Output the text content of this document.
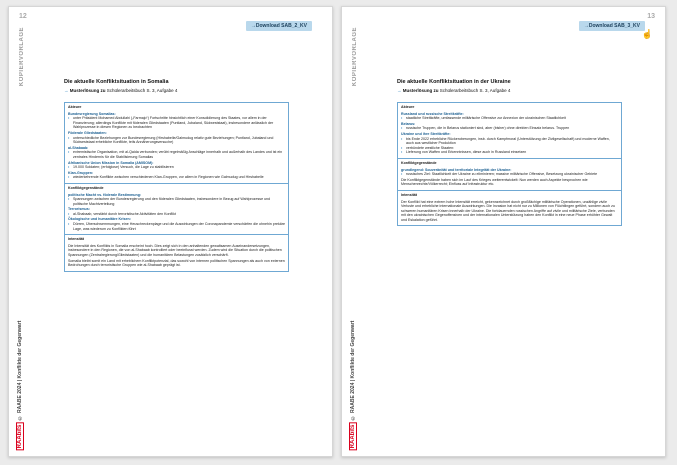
12
KOPIERVORLAGE
RAAbits
© RAABE 2024 | Konflikte der Gegenwart
→Download SAB_2_KV
Die aktuelle Konfliktsituation in Somalia
→ Musterlösung zu Schülerarbeitsbuch S. 3, Aufgabe 4
Akteure
Bundesregierung Somalias:
• unter Präsident Mohamed Abdullahi („Farmajo“) Fortschritte hinsichtlich einer Konsolidierung des Staates, vor allem in der Finanzierung; allerdings Konflikte mit föderalen Gliedstaaten (Puntland, Jubaland, Südweststaat), insbesondere anlässlich der Wahlprozesse in diesen Regionen zu beobachten
Föderale Gliedstaaten:
• unterschiedliche Beziehungen zur Bundesregierung (Hirshabelle/Galmudug relativ gute Beziehungen; Puntland, Jubaland und Südweststaat erhebliche Konflikte, teils Annäherungsversuche)
al-Shabaab:
• extremistische Organisation, mit al-Qaida verbunden; verübt regelmäßig Anschläge innerhalb und außerhalb des Landes und ist ein zentrales Hindernis für die Stabilisierung Somalias
Afrikanische Union Mission in Somalia (AMISOM):
• 19.000 Soldaten; (erfolglose) Versuch, die Lage zu stabilisieren
Klan-Gruppen:
• wiederkehrende Konflikte zwischen verschiedenen Klan-Gruppen, vor allem in Regionen wie Galmudug und Hirshabelle
Konfliktgegenstände
politische Macht vs. föderale Bestimmung:
• Spannungen zwischen der Bundesregierung und den föderalen Gliedstaaten, insbesondere in Bezug auf Wahlprozesse und politische Machtverteilung
Terrorismus:
• al-Shabaab, verstärkt durch terroristische Aktivitäten den Konflikt
Ökologische und humanitäre Krisen:
• Dürren, Überschwemmungen, eine Heuschreckenplage und die Auswirkungen der Coronapandemie verschärfen die ohnehin prekäre Lage, was wiederum zu Konflikten führt
Intensität
Die Intensität des Konflikts in Somalia erscheint hoch. Dies zeigt sich in den anhaltenden gewaltsamen Auseinandersetzungen, insbesondere in den Regionen, die von al-Shabaab kontrolliert oder beeinflusst werden. Zudem wird die Situation durch die politischen Spannungen (Zentralregierung/Gliedstaaten) und die humanitären Belastungen zusätzlich verschärft.
Somalia bleibt somit ein Land mit erheblichem Konfliktpotenzial, das sowohl von internen politischen Spannungen als auch von externen Bedrohungen durch terroristische Gruppen wie al-Shabaab geprägt ist.
13
KOPIERVORLAGE
RAAbits
© RAABE 2024 | Konflikte der Gegenwart
→Download SAB_3_KV
☝
Die aktuelle Konfliktsituation in der Ukraine
→ Musterlösung zu Schülerarbeitsbuch S. 3, Aufgabe 4
Akteure
Russland und russische Streitkräfte:
• staatliche Streitkräfte, umfassende militärische Offensive zur Annexion der ukrainischen Staatlichkeit
Belarus:
• russische Truppen, die in Belarus stationiert sind, aber (bisher) ohne direkten Einsatz belarus. Truppen
Ukraine und ihre Streitkräfte:
• bis Ende 2022 erhebliche Rückeroberungen, insb. durch Kampfmoral (Unterstützung der Zivilgesellschaft) und moderne Waffen, auch aus westlicher Produktion
• verbündete westliche Staaten:
• Lieferung von Waffen und Erkenntnissen, diese auch in Russland einsetzen
Konfliktgegenstände
grundlegend: Souveränität und territoriale Integrität der Ukraine:
• russisches Ziel: Staatlichkeit der Ukraine zu eliminieren; massive militärische Offensive, Besetzung ukrainischer Gebiete
Die Konfliktgegenstände haben sich im Lauf des Krieges weiterentwickelt: Nun werden auch Aspekte besprochen wie Menschenrechte/Völkerrecht; Einfluss auf Infrastruktur etc.
Intensität
Der Konflikt hat eine extrem hohe Intensität erreicht, gekennzeichnet durch großflächige militärische Operationen, unzählige zivile Verluste und erhebliche internationale Auswirkungen. Die Invasion hat nicht nur zu Millionen von Flüchtlingen geführt, sondern auch zu schweren humanitären Krisen innerhalb der Ukraine. Die fortdauernden russischen Angriffe auf zivile und militärische Ziele, verbunden mit den ukrainischen Gegenoffensiven und der internationalen Unterstützung haben den Konflikt in eine neue Phase erhöhter Gewalt und Eskalation geführt.
